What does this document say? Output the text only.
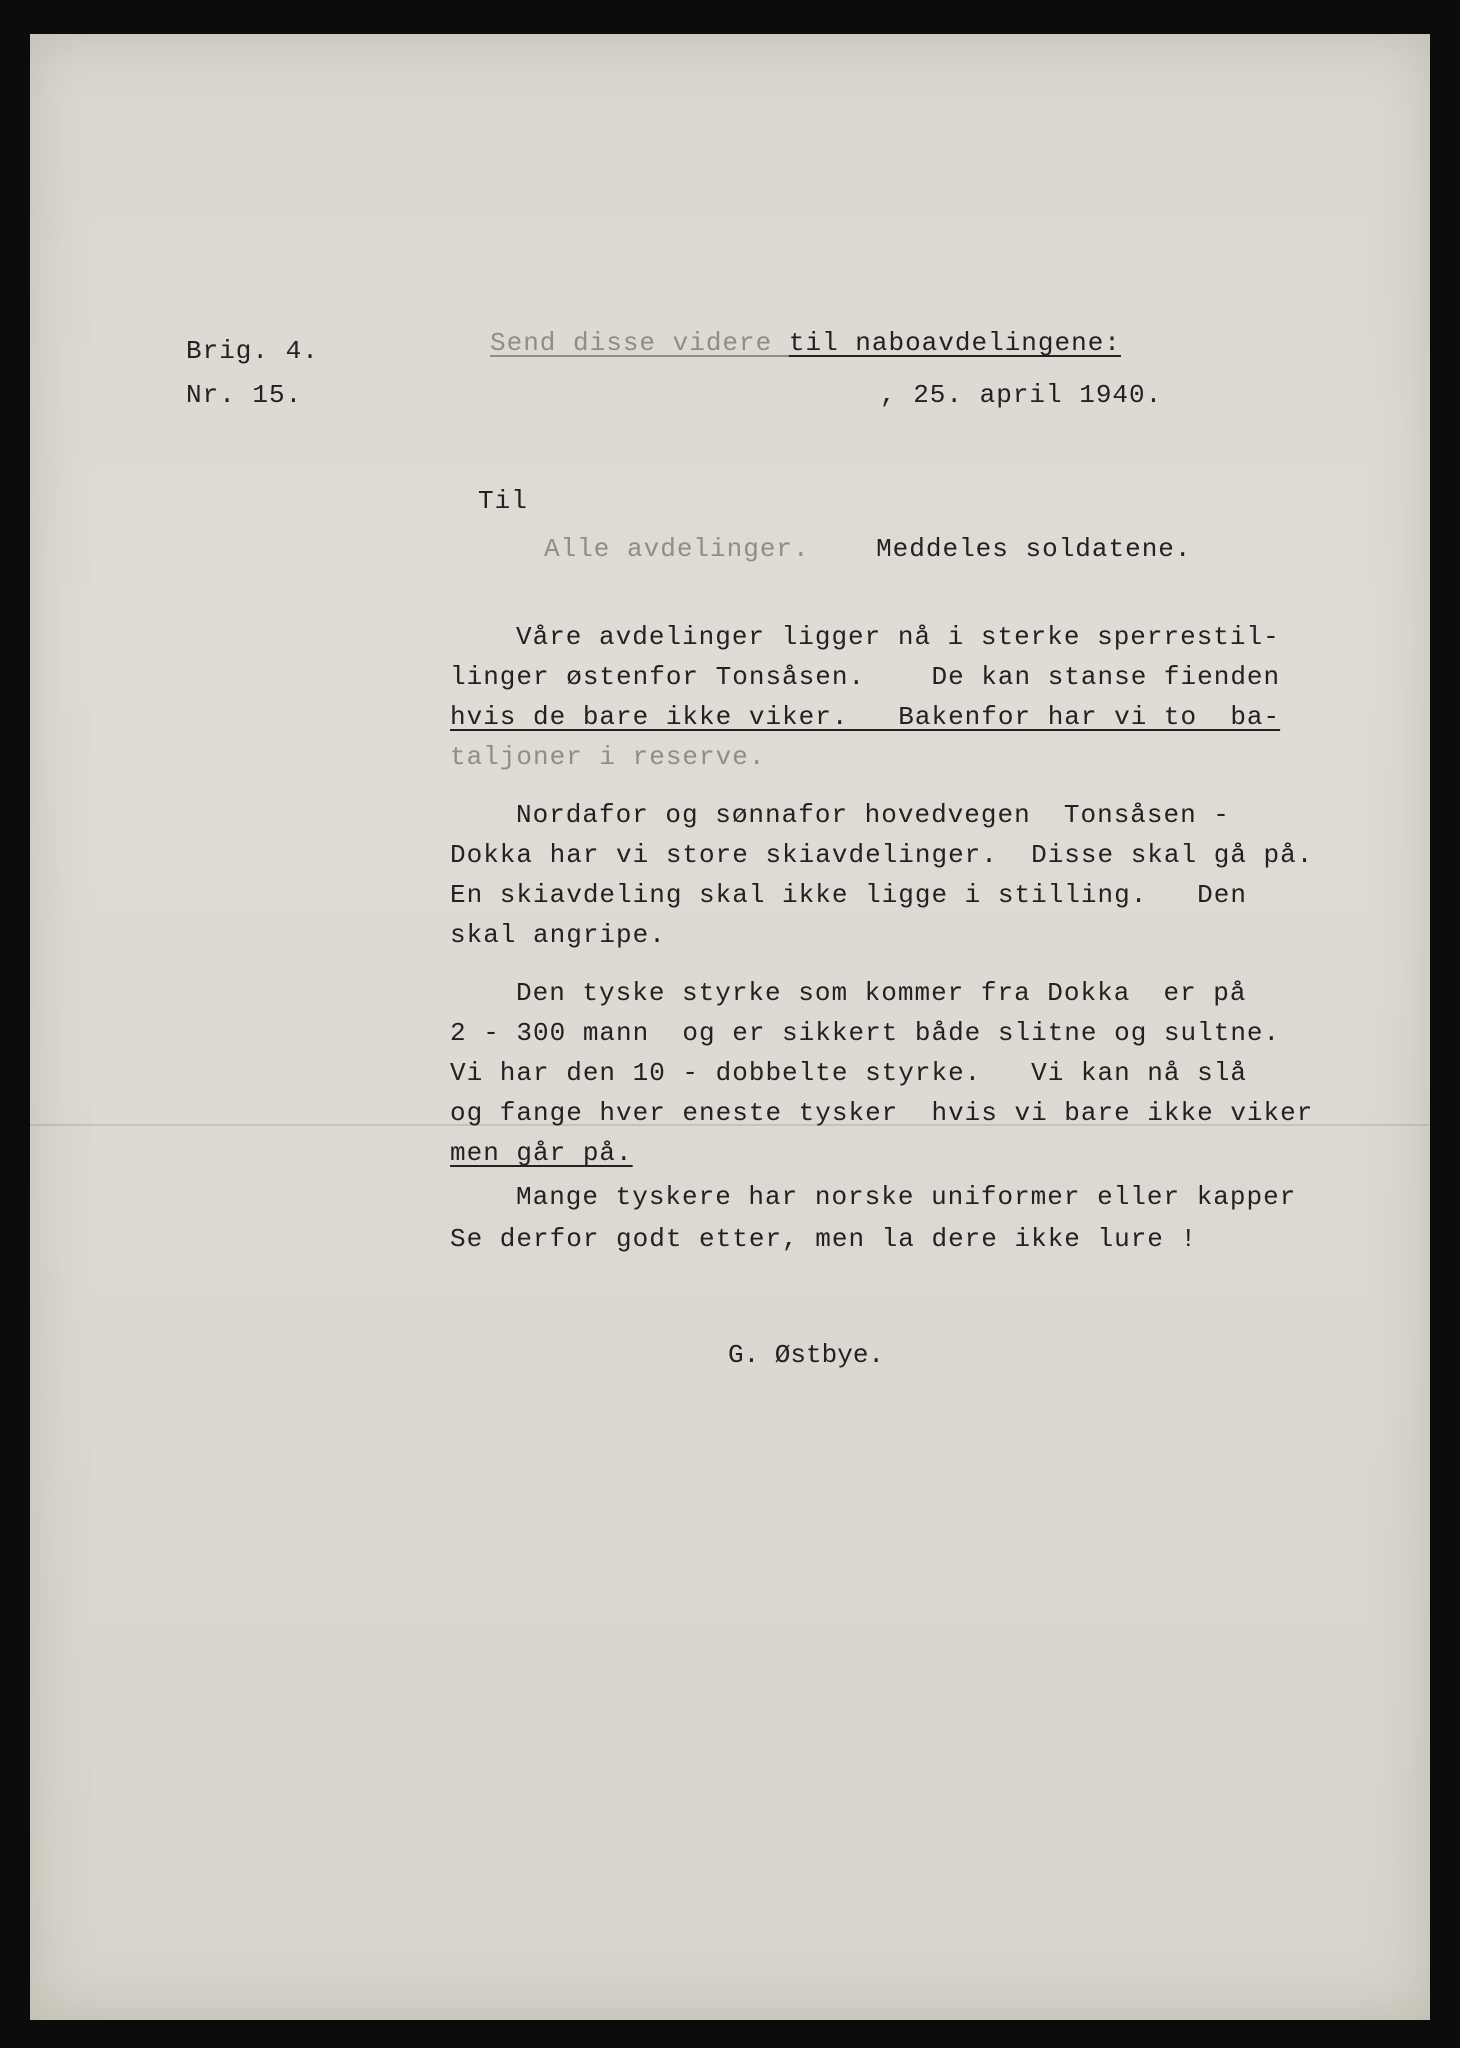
Brig. 4.
Nr. 15.
Send disse videre til naboavdelingene:
, 25. april 1940.
Til
Alle avdelinger.	Meddeles soldatene.
Våre avdelinger ligger nå i sterke sperrestil-
linger østenfor Tonsåsen.    De kan stanse fienden
hvis de bare ikke viker.   Bakenfor har vi to  ba-
taljoner i reserve.
Nordafor og sønnafor hovedvegen  Tonsåsen -
Dokka har vi store skiavdelinger.  Disse skal gå på.
En skiavdeling skal ikke ligge i stilling.   Den
skal angripe.
Den tyske styrke som kommer fra Dokka  er på
2 - 300 mann  og er sikkert både slitne og sultne.
Vi har den 10 - dobbelte styrke.   Vi kan nå slå
og fange hver eneste tysker  hvis vi bare ikke viker
men går på.
Mange tyskere har norske uniformer eller kapper
Se derfor godt etter, men la dere ikke lure !
G. Østbye.
